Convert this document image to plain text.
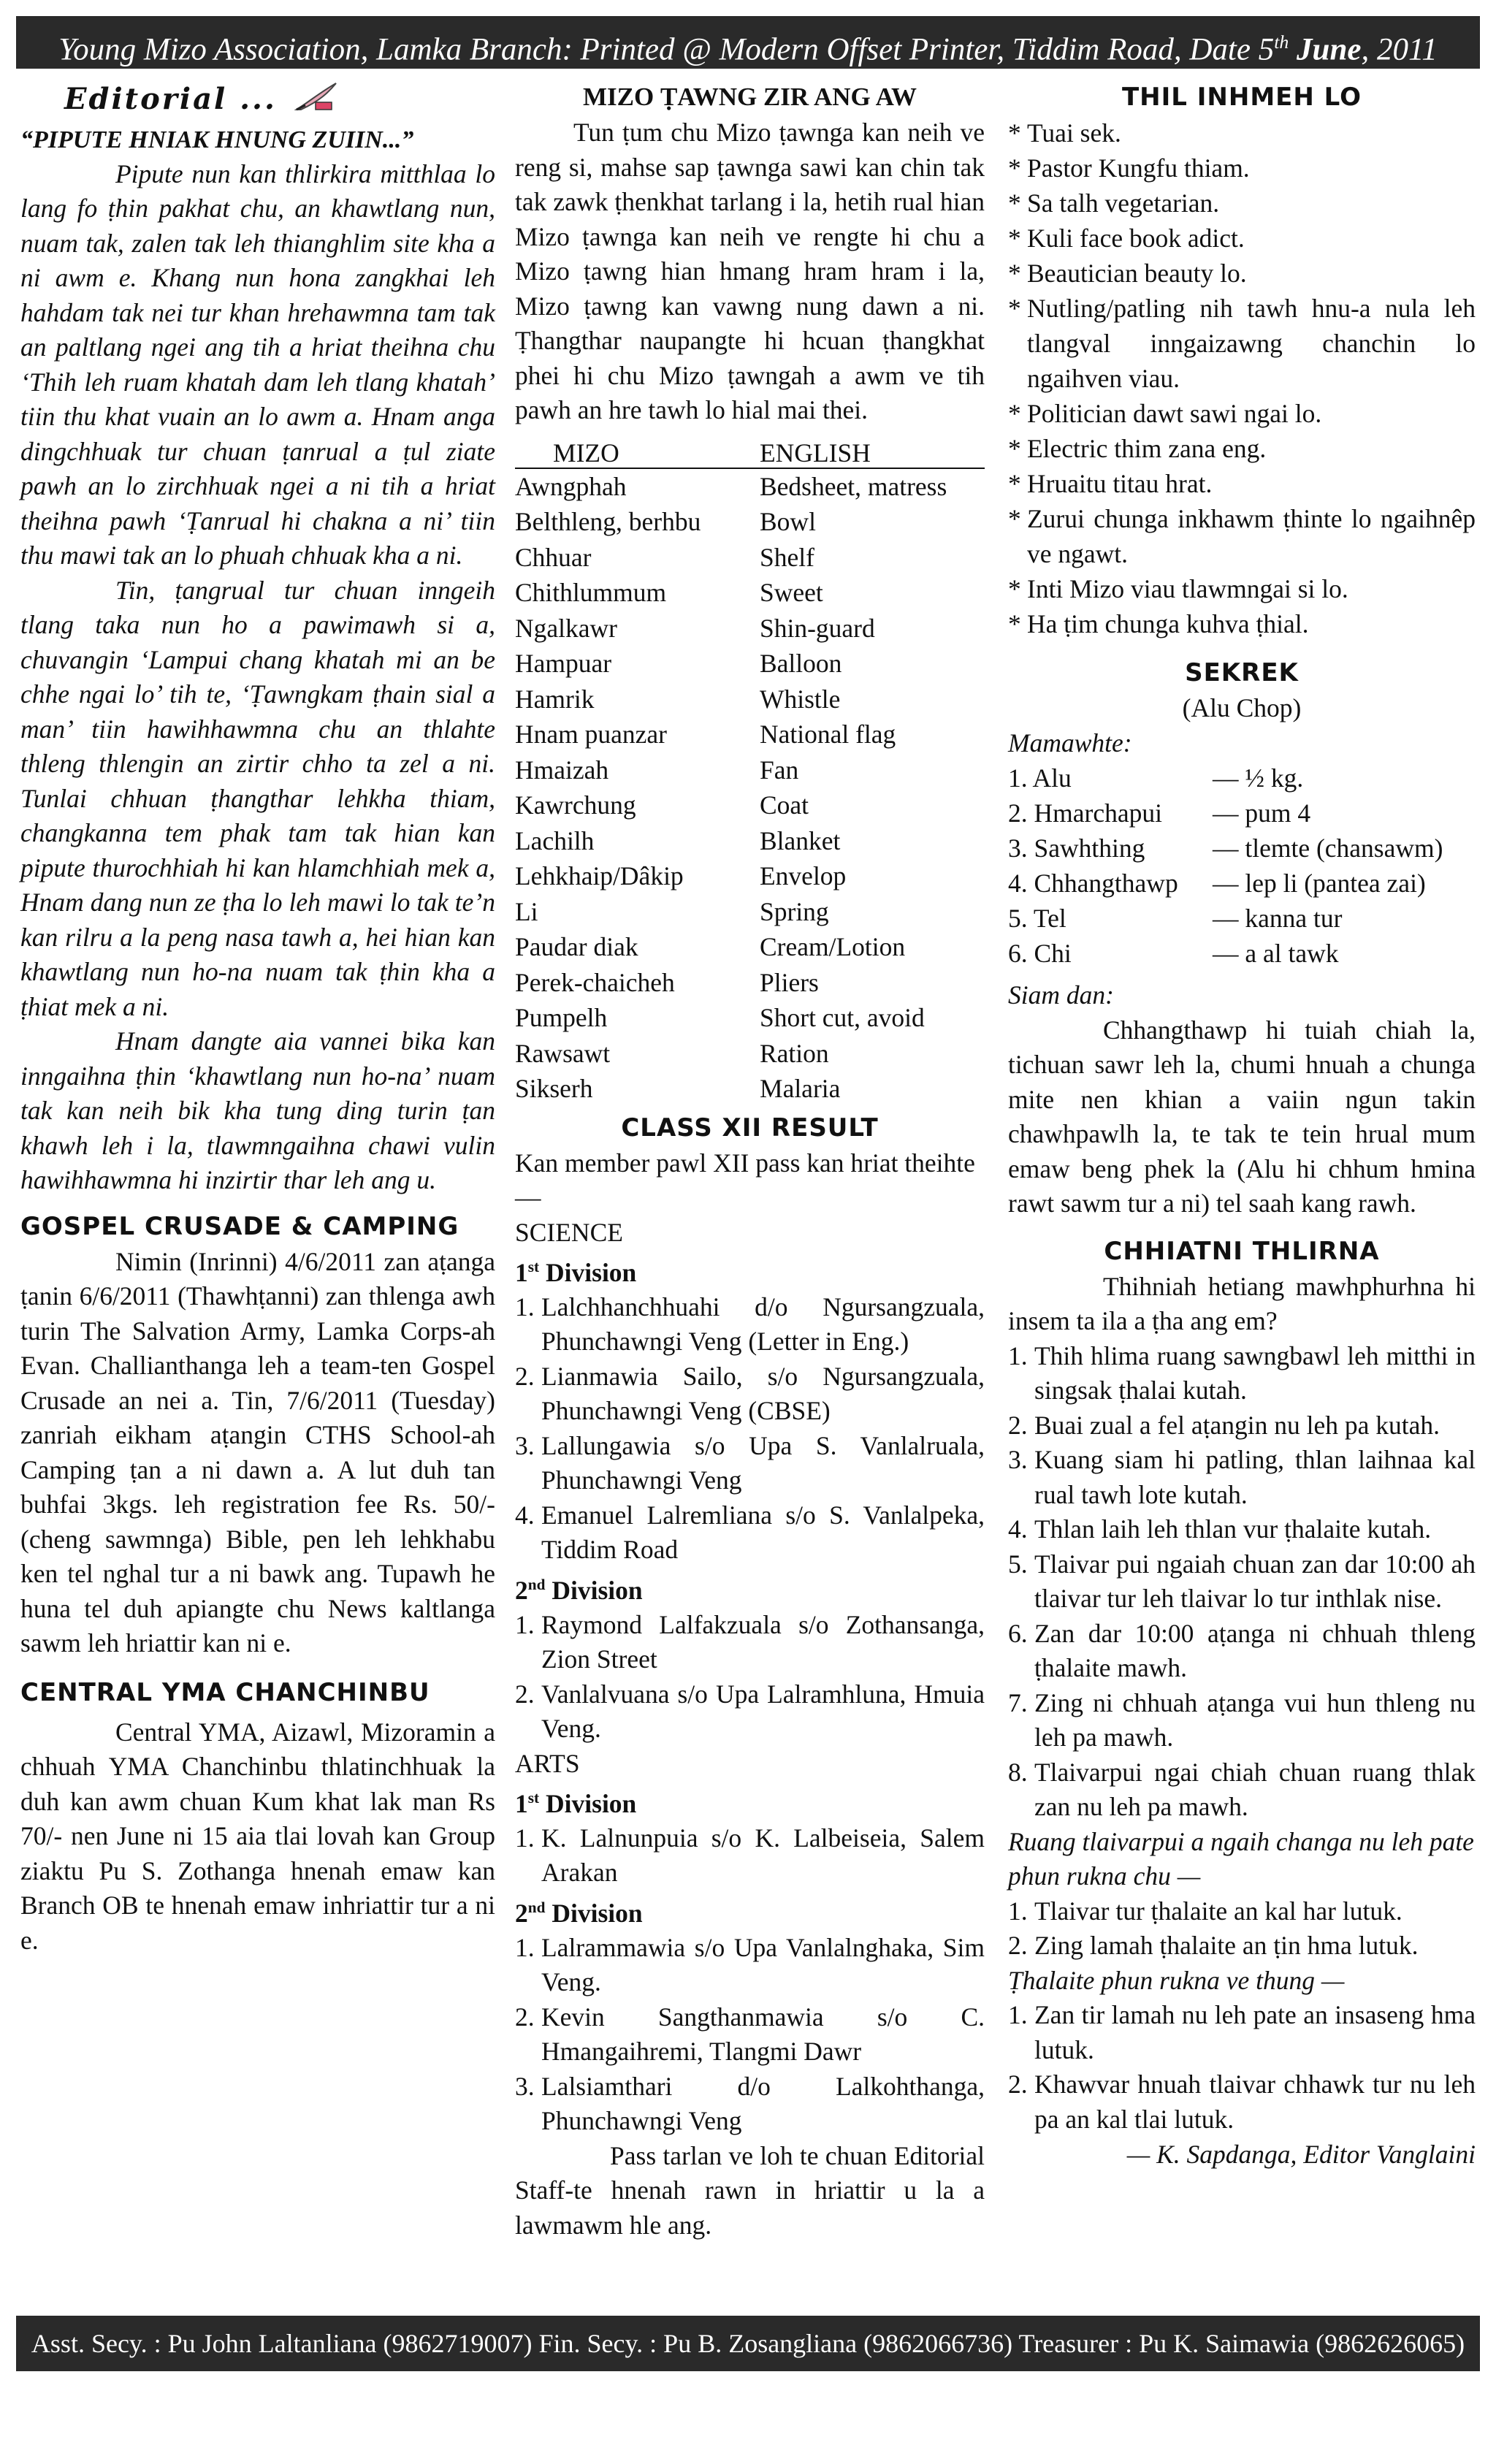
Young Mizo Association, Lamka Branch: Printed @ Modern Offset Printer, Tiddim Road, Date 5th June, 2011
Editorial ...

“PIPUTE HNIAK HNUNG ZUIIN...”

Pipute nun kan thlirkira mitthlaa lo lang fo ṭhin pakhat chu, an khawtlang nun, nuam tak, zalen tak leh thianghlim site kha a ni awm e. Khang nun hona zangkhai leh hahdam tak nei tur khan hrehawmna tam tak an paltlang ngei ang tih a hriat theihna chu ‘Thih leh ruam khatah dam leh tlang khatah’ tiin thu khat vuain an lo awm a. Hnam anga dingchhuak tur chuan ṭanrual a ṭul ziate pawh an lo zirchhuak ngei a ni tih a hriat theihna pawh ‘Ṭanrual hi chakna a ni’ tiin thu mawi tak an lo phuah chhuak kha a ni.

Tin, ṭangrual tur chuan inngeih tlang taka nun ho a pawimawh si a, chuvangin ‘Lampui chang khatah mi an be chhe ngai lo’ tih te, ‘Ṭawngkam ṭhain sial a man’ tiin hawihhawmna chu an thlahte thleng thlengin an zirtir chho ta zel a ni. Tunlai chhuan ṭhangthar lehkha thiam, changkanna tem phak tam tak hian kan pipute thurochhiah hi kan hlamchhiah mek a, Hnam dang nun ze ṭha lo leh mawi lo tak te’n kan rilru a la peng nasa tawh a, hei hian kan khawtlang nun ho-na nuam tak ṭhin kha a ṭhiat mek a ni.

Hnam dangte aia vannei bika kan inngaihna ṭhin ‘khawtlang nun ho-na’ nuam tak kan neih bik kha tung ding turin ṭan khawh leh i la, tlawmngaihna chawi vulin hawihhawmna hi inzirtir thar leh ang u.

GOSPEL CRUSADE & CAMPING

Nimin (Inrinni) 4/6/2011 zan aṭanga ṭanin 6/6/2011 (Thawhṭanni) zan thlenga awh turin The Salvation Army, Lamka Corps-ah Evan. Challianthanga leh a team-ten Gospel Crusade an nei a. Tin, 7/6/2011 (Tuesday) zanriah eikham aṭangin CTHS School-ah Camping ṭan a ni dawn a. A lut duh tan buhfai 3kgs. leh registration fee Rs. 50/- (cheng sawmnga) Bible, pen leh lehkhabu ken tel nghal tur a ni bawk ang. Tupawh he huna tel duh apiangte chu News kaltlanga sawm leh hriattir kan ni e.

CENTRAL YMA CHANCHINBU

Central YMA, Aizawl, Mizoramin a chhuah YMA Chanchinbu thlatinchhuak la duh kan awm chuan Kum khat lak man Rs 70/- nen June ni 15 aia tlai lovah kan Group ziaktu Pu S. Zothanga hnenah emaw kan Branch OB te hnenah emaw inhriattir tur a ni e.

MIZO ṬAWNG ZIR ANG AW

Tun ṭum chu Mizo ṭawnga kan neih ve reng si, mahse sap ṭawnga sawi kan chin tak tak zawk ṭhenkhat tarlang i la, hetih rual hian Mizo ṭawnga kan neih ve rengte hi chu a Mizo ṭawng hian hmang hram hram i la, Mizo ṭawng kan vawng nung dawn a ni. Ṭhangthar naupangte hi hcuan ṭhangkhat phei hi chu Mizo ṭawngah a awm ve tih pawh an hre tawh lo hial mai thei.

MIZO	ENGLISH
Awngphah	Bedsheet, matress
Belthleng, berhbu	Bowl
Chhuar	Shelf
Chithlummum	Sweet
Ngalkawr	Shin-guard
Hampuar	Balloon
Hamrik	Whistle
Hnam puanzar	National flag
Hmaizah	Fan
Kawrchung	Coat
Lachilh	Blanket
Lehkhaip/Dâkip	Envelop
Li	Spring
Paudar diak	Cream/Lotion
Perek-chaicheh	Pliers
Pumpelh	Short cut, avoid
Rawsawt	Ration
Sikserh	Malaria
CLASS XII RESULT

Kan member pawl XII pass kan hriat theihte —

SCIENCE

1st Division
1. Lalchhanchhuahi d/o Ngursangzuala, Phunchawngi Veng (Letter in Eng.)
2. Lianmawia Sailo, s/o Ngursangzuala, Phunchawngi Veng (CBSE)
3. Lallungawia s/o Upa S. Vanlalruala, Phunchawngi Veng
4. Emanuel Lalremliana s/o S. Vanlalpeka, Tiddim Road
2nd Division
1. Raymond Lalfakzuala s/o Zothansanga, Zion Street
2. Vanlalvuana s/o Upa Lalramhluna, Hmuia Veng.

ARTS

1st Division
1. K. Lalnunpuia s/o K. Lalbeiseia, Salem Arakan
2nd Division
1. Lalrammawia s/o Upa Vanlalnghaka, Sim Veng.
2. Kevin Sangthanmawia s/o C. Hmangaihremi, Tlangmi Dawr
3. Lalsiamthari d/o Lalkohthanga, Phunchawngi Veng

Pass tarlan ve loh te chuan Editorial Staff-te hnenah rawn in hriattir u la a lawmawm hle ang.

THIL INHMEH LO
* Tuai sek.
* Pastor Kungfu thiam.
* Sa talh vegetarian.
* Kuli face book adict.
* Beautician beauty lo.
* Nutling/patling nih tawh hnu-a nula leh tlangval inngaizawng chanchin lo ngaihven viau.
* Politician dawt sawi ngai lo.
* Electric thim zana eng.
* Hruaitu titau hrat.
* Zurui chunga inkhawm ṭhinte lo ngaihnêp ve ngawt.
* Inti Mizo viau tlawmngai si lo.
* Ha ṭim chunga kuhva ṭhial.
SEKREK

(Alu Chop)

Mamawhte:

1. Alu	— ½ kg.
2. Hmarchapui	— pum 4
3. Sawhthing	— tlemte (chansawm)
4. Chhangthawp	— lep li (pantea zai)
5. Tel	— kanna tur
6. Chi	— a al tawk

Siam dan:

Chhangthawp hi tuiah chiah la, tichuan sawr leh la, chumi hnuah a chunga mite nen khian a vaiin ngun takin chawhpawlh la, te tak te tein hrual mum emaw beng phek la (Alu hi chhum hmina rawt sawm tur a ni) tel saah kang rawh.

CHHIATNI THLIRNA

Thihniah hetiang mawhphurhna hi insem ta ila a ṭha ang em?

1. Thih hlima ruang sawngbawl leh mitthi in singsak ṭhalai kutah.
2. Buai zual a fel aṭangin nu leh pa kutah.
3. Kuang siam hi patling, thlan laihnaa kal rual tawh lote kutah.
4. Thlan laih leh thlan vur ṭhalaite kutah.
5. Tlaivar pui ngaiah chuan zan dar 10:00 ah tlaivar tur leh tlaivar lo tur inthlak nise.
6. Zan dar 10:00 aṭanga ni chhuah thleng ṭhalaite mawh.
7. Zing ni chhuah aṭanga vui hun thleng nu leh pa mawh.
8. Tlaivarpui ngai chiah chuan ruang thlak zan nu leh pa mawh.

Ruang tlaivarpui a ngaih changa nu leh pate phun rukna chu —

1. Tlaivar tur ṭhalaite an kal har lutuk.
2. Zing lamah ṭhalaite an ṭin hma lutuk.

Ṭhalaite phun rukna ve thung —

1. Zan tir lamah nu leh pate an insaseng hma lutuk.
2. Khawvar hnuah tlaivar chhawk tur nu leh pa an kal tlai lutuk.

— K. Sapdanga, Editor Vanglaini

Asst. Secy. : Pu John Laltanliana (9862719007) Fin. Secy. : Pu B. Zosangliana (9862066736) Treasurer : Pu K. Saimawia (9862626065)
